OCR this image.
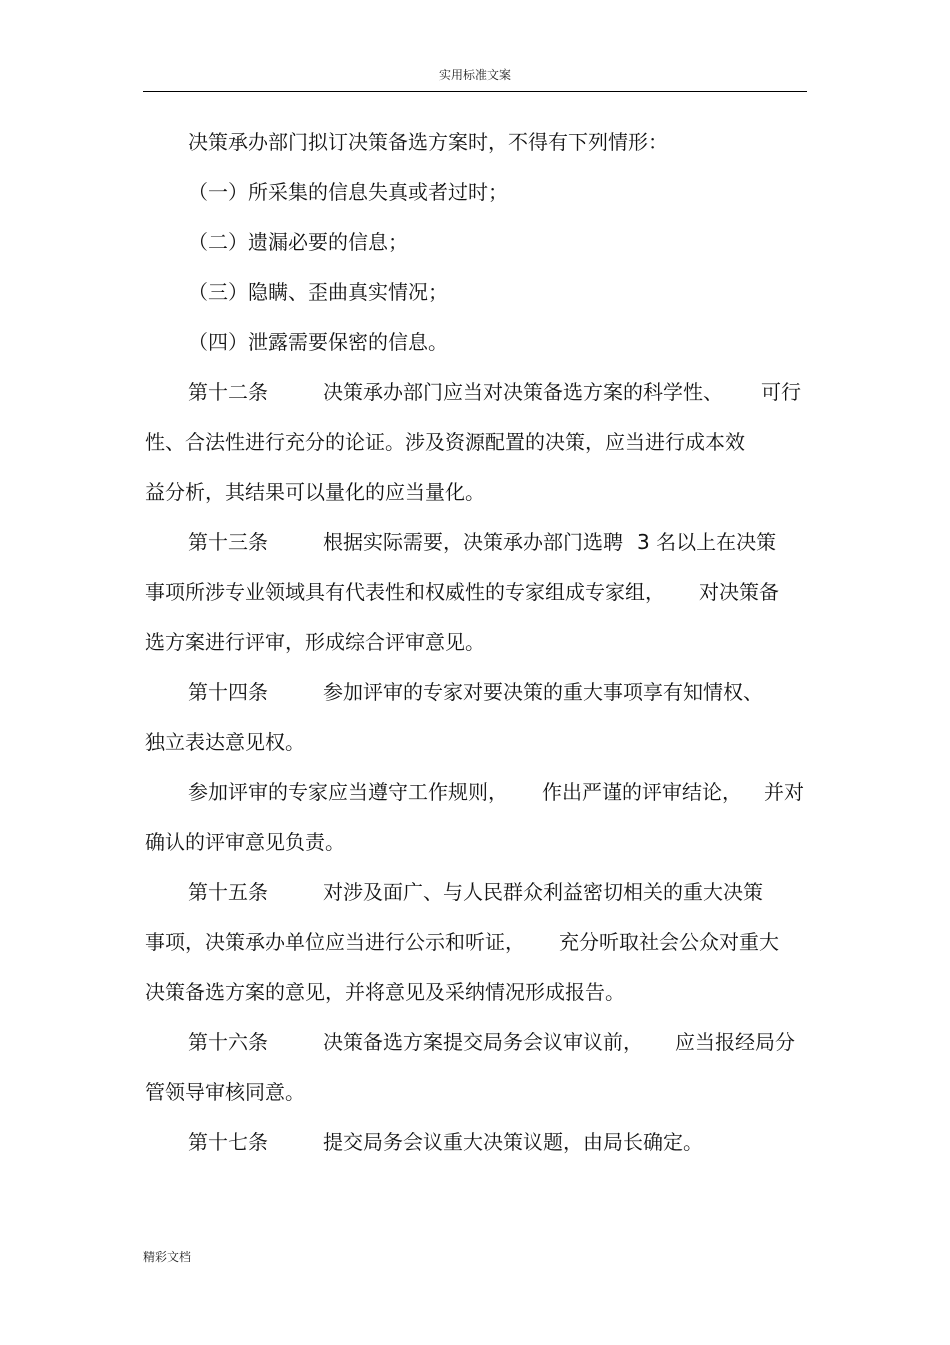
实用标准文案
决策承办部门拟订决策备选方案时，不得有下列情形：
（一）所采集的信息失真或者过时；
（二）遗漏必要的信息；
（三）隐瞒、歪曲真实情况；
（四）泄露需要保密的信息。
第十二条	决策承办部门应当对决策备选方案的科学性、 可行
性、合法性进行充分的论证。涉及资源配置的决策，应当进行成本效
益分析，其结果可以量化的应当量化。
第十三条	根据实际需要，决策承办部门选聘 3 名以上在决策
事项所涉专业领域具有代表性和权威性的专家组成专家组， 对决策备
选方案进行评审，形成综合评审意见。
第十四条	参加评审的专家对要决策的重大事项享有知情权、
独立表达意见权。
参加评审的专家应当遵守工作规则， 作出严谨的评审结论， 并对
确认的评审意见负责。
第十五条	对涉及面广、与人民群众利益密切相关的重大决策
事项，决策承办单位应当进行公示和听证， 充分听取社会公众对重大
决策备选方案的意见，并将意见及采纳情况形成报告。
第十六条	决策备选方案提交局务会议审议前， 应当报经局分
管领导审核同意。
第十七条	提交局务会议重大决策议题，由局长确定。
精彩文档
